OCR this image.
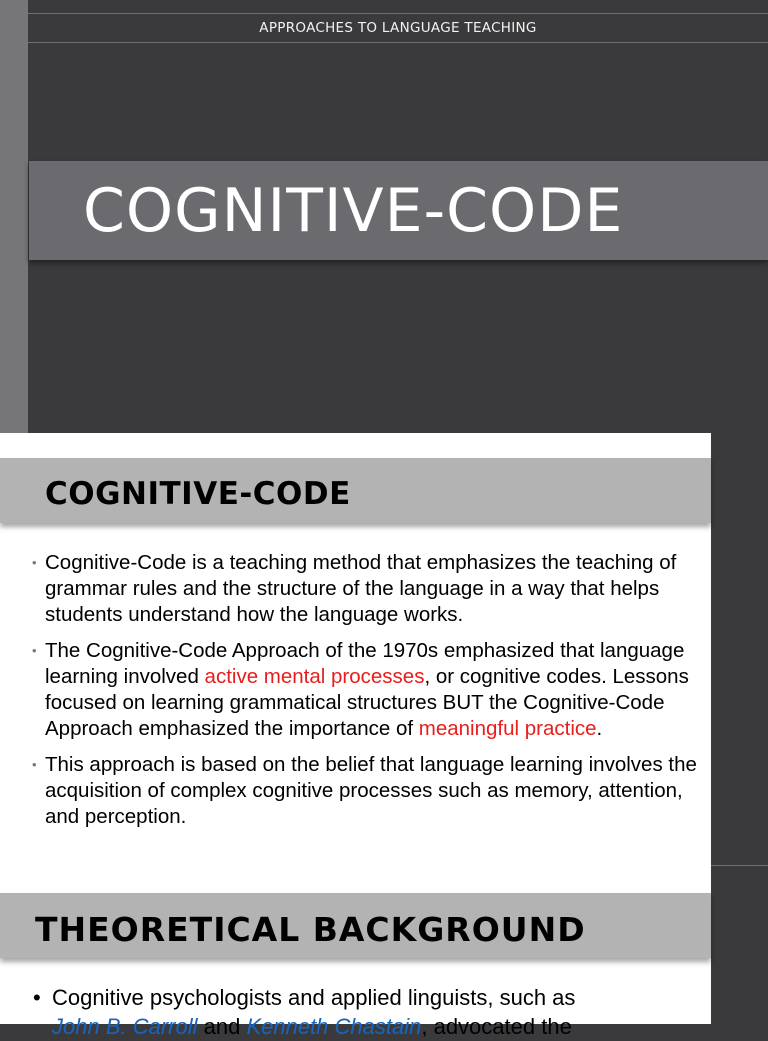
APPROACHES TO LANGUAGE TEACHING
COGNITIVE-CODE
COGNITIVE-CODE
• Cognitive-Code is a teaching method that emphasizes the teaching of grammar rules and the structure of the language in a way that helps students understand how the language works.
• The Cognitive-Code Approach of the 1970s emphasized that language learning involved active mental processes, or cognitive codes. Lessons focused on learning grammatical structures BUT the Cognitive-Code Approach emphasized the importance of meaningful practice.
• This approach is based on the belief that language learning involves the acquisition of complex cognitive processes such as memory, attention, and perception.
THEORETICAL BACKGROUND
• Cognitive psychologists and applied linguists, such as
John B. Carroll and Kenneth Chastain, advocated the
